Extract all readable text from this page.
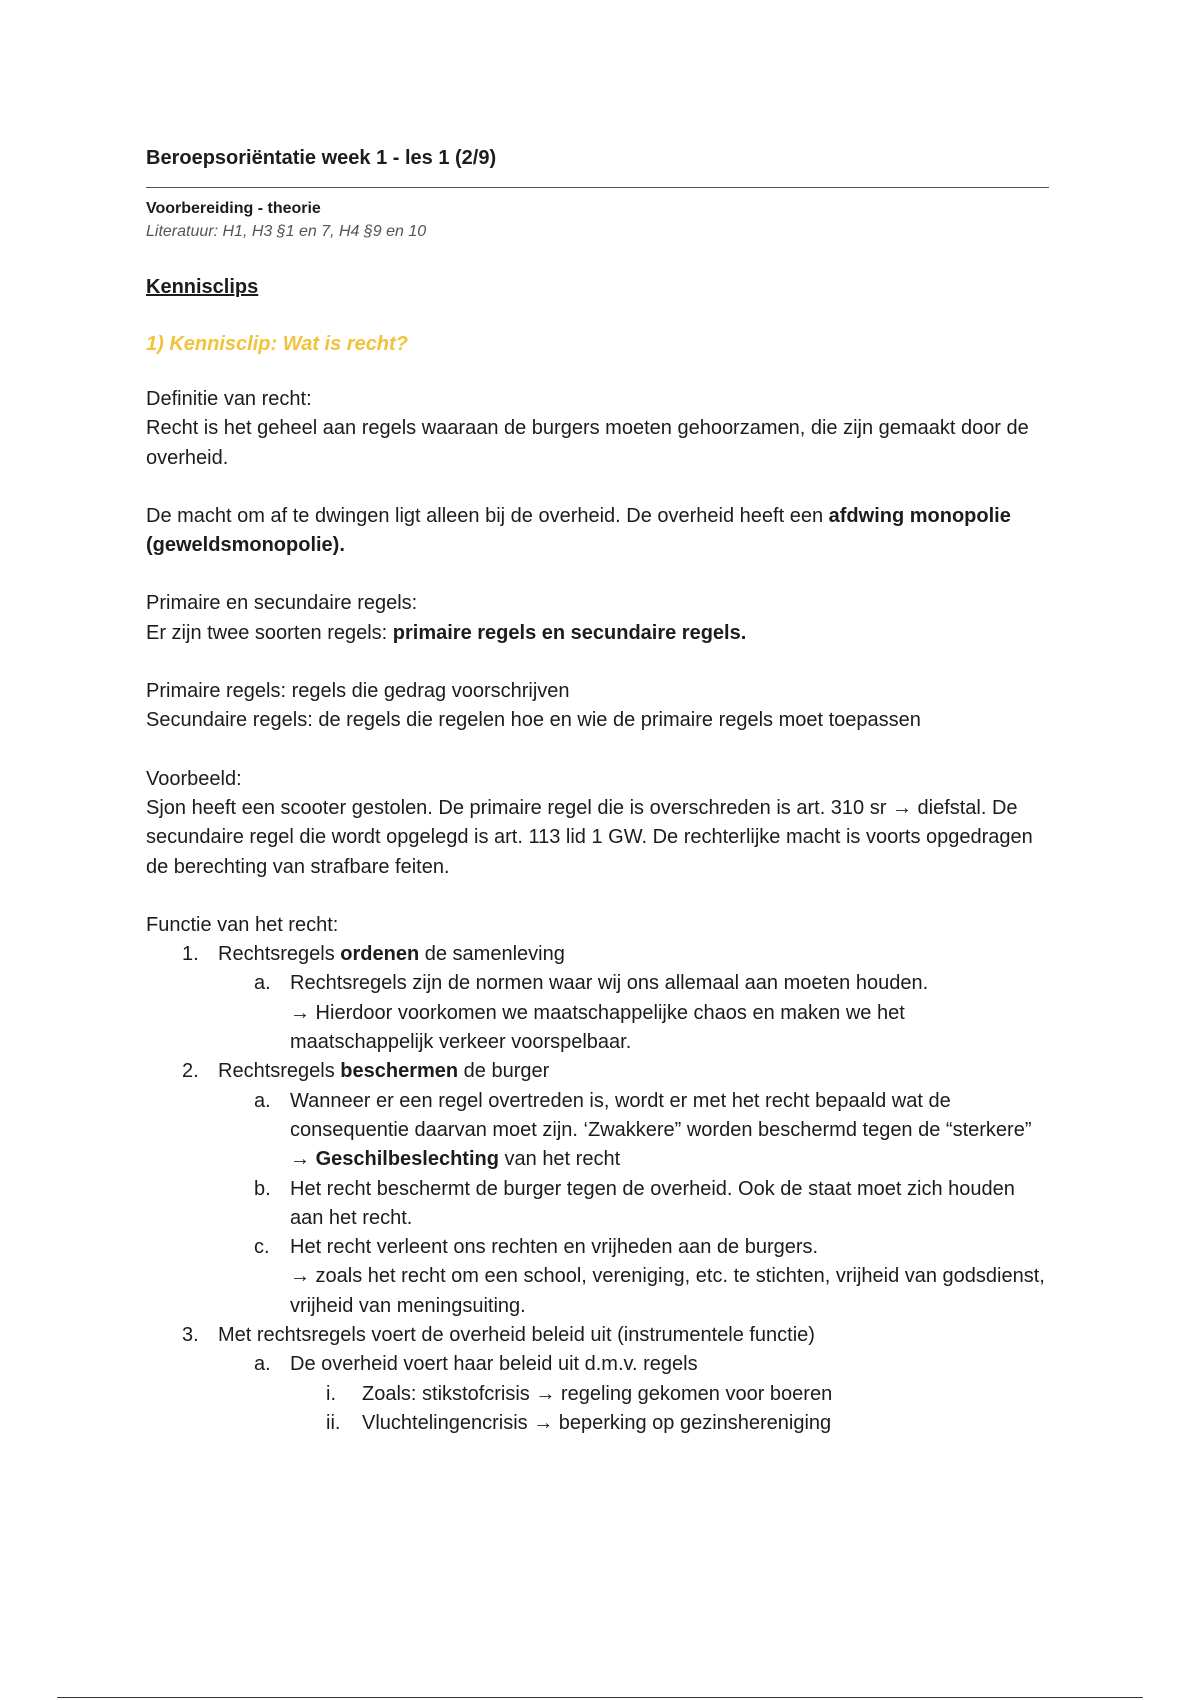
Beroepsoriëntatie week 1 - les 1 (2/9)
Voorbereiding - theorie
Literatuur: H1, H3 §1 en 7, H4 §9 en 10
Kennisclips
1) Kennisclip: Wat is recht?

Definitie van recht:

Recht is het geheel aan regels waaraan de burgers moeten gehoorzamen, die zijn gemaakt door de overheid.

De macht om af te dwingen ligt alleen bij de overheid. De overheid heeft een afdwing monopolie (geweldsmonopolie).

Primaire en secundaire regels:

Er zijn twee soorten regels: primaire regels en secundaire regels.

Primaire regels: regels die gedrag voorschrijven

Secundaire regels: de regels die regelen hoe en wie de primaire regels moet toepassen

Voorbeeld:

Sjon heeft een scooter gestolen. De primaire regel die is overschreden is art. 310 sr → diefstal. De secundaire regel die wordt opgelegd is art. 113 lid 1 GW. De rechterlijke macht is voorts opgedragen de berechting van strafbare feiten.

Functie van het recht:

1. Rechtsregels ordenen de samenleving
a. Rechtsregels zijn de normen waar wij ons allemaal aan moeten houden.
→ Hierdoor voorkomen we maatschappelijke chaos en maken we het maatschappelijk verkeer voorspelbaar.
2. Rechtsregels beschermen de burger
a. Wanneer er een regel overtreden is, wordt er met het recht bepaald wat de consequentie daarvan moet zijn. ‘Zwakkere” worden beschermd tegen de “sterkere”
→ Geschilbeslechting van het recht
b. Het recht beschermt de burger tegen de overheid. Ook de staat moet zich houden aan het recht.
c.	Het recht verleent ons rechten en vrijheden aan de burgers.
→ zoals het recht om een school, vereniging, etc. te stichten, vrijheid van godsdienst, vrijheid van meningsuiting.
3. Met rechtsregels voert de overheid beleid uit (instrumentele functie)
a. De overheid voert haar beleid uit d.m.v. regels
i.	Zoals: stikstofcrisis → regeling gekomen voor boeren
ii.	Vluchtelingencrisis → beperking op gezinshereniging
